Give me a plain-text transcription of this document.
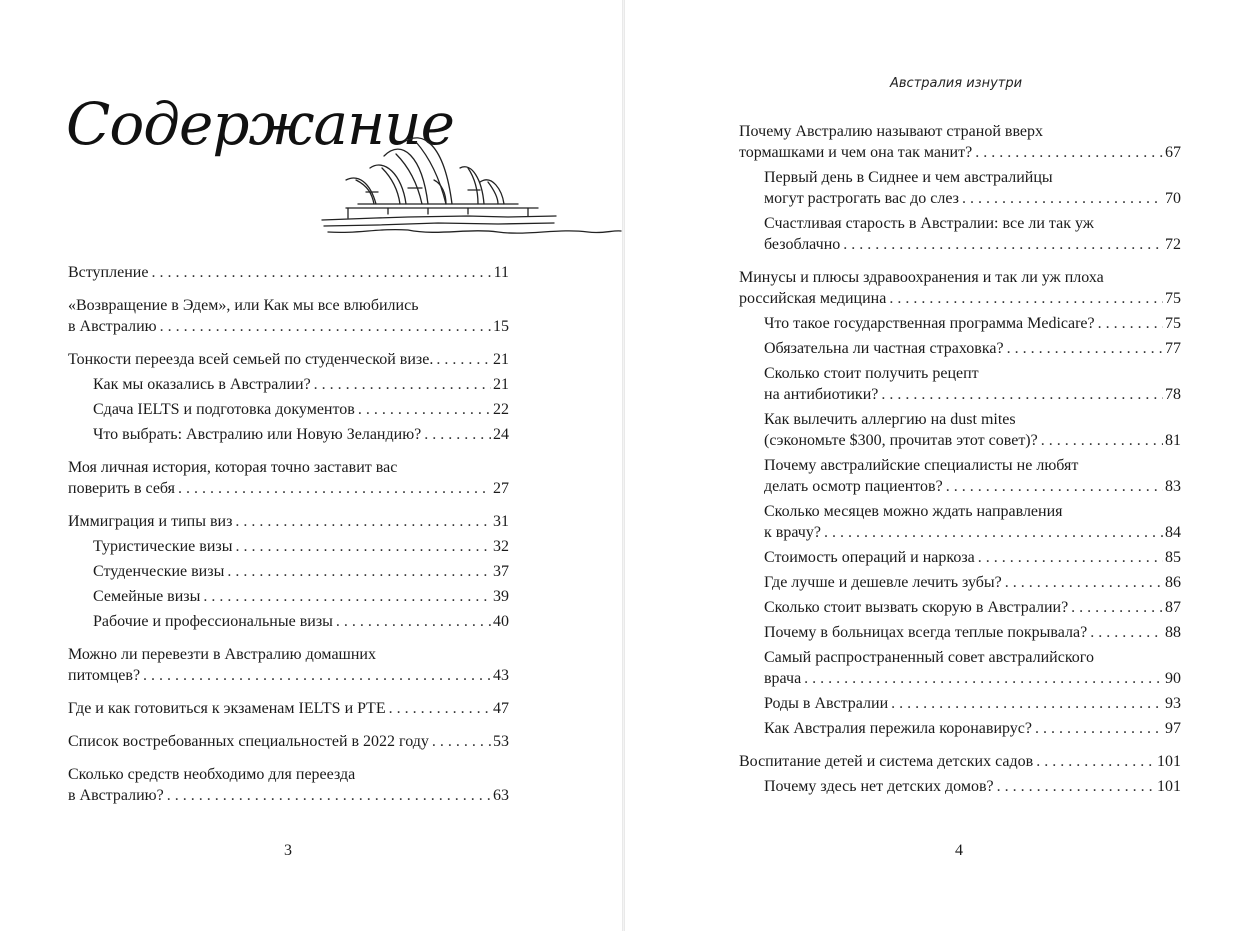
Содержание
Вступление . . .	11
«Возвращение в Эдем», или Как мы все влюбились
в Австралию . . .	15
Тонкости переезда всей семьей по студенческой визе. . . .	21
Как мы оказались в Австралии? . . .	21
Сдача IELTS и подготовка документов . . .	22
Что выбрать: Австралию или Новую Зеландию? . . .	24
Моя личная история, которая точно заставит вас
поверить в себя . . .	27
Иммиграция и типы виз . . .	31
Туристические визы . . .	32
Студенческие визы . . .	37
Семейные визы . . .	39
Рабочие и профессиональные визы . . .	40
Можно ли перевезти в Австралию домашних
питомцев? . . .	43
Где и как готовиться к экзаменам IELTS и PTE . . .	47
Список востребованных специальностей в 2022 году . . .	53
Сколько средств необходимо для переезда
в Австралию? . . .	63
3
Австралия изнутри
4
Почему Австралию называют страной вверх
тормашками и чем она так манит? . . .	67
Первый день в Сиднее и чем австралийцы
могут растрогать вас до слез . . .	70
Счастливая старость в Австралии: все ли так уж
безоблачно . . .	72
Минусы и плюсы здравоохранения и так ли уж плоха
российская медицина . . .	75
Что такое государственная программа Medicare? . . .	75
Обязательна ли частная страховка? . . .	77
Сколько стоит получить рецепт
на антибиотики? . . .	78
Как вылечить аллергию на dust mites
(сэкономьте $300, прочитав этот совет)? . . .	81
Почему австралийские специалисты не любят
делать осмотр пациентов? . . .	83
Сколько месяцев можно ждать направления
к врачу? . . .	84
Стоимость операций и наркоза . . .	85
Где лучше и дешевле лечить зубы? . . .	86
Сколько стоит вызвать скорую в Австралии? . . .	87
Почему в больницах всегда теплые покрывала? . . .	88
Самый распространенный совет австралийского
врача . . .	90
Роды в Австралии . . .	93
Как Австралия пережила коронавирус? . . .	97
Воспитание детей и система детских садов . . .	101
Почему здесь нет детских домов? . . .	101
